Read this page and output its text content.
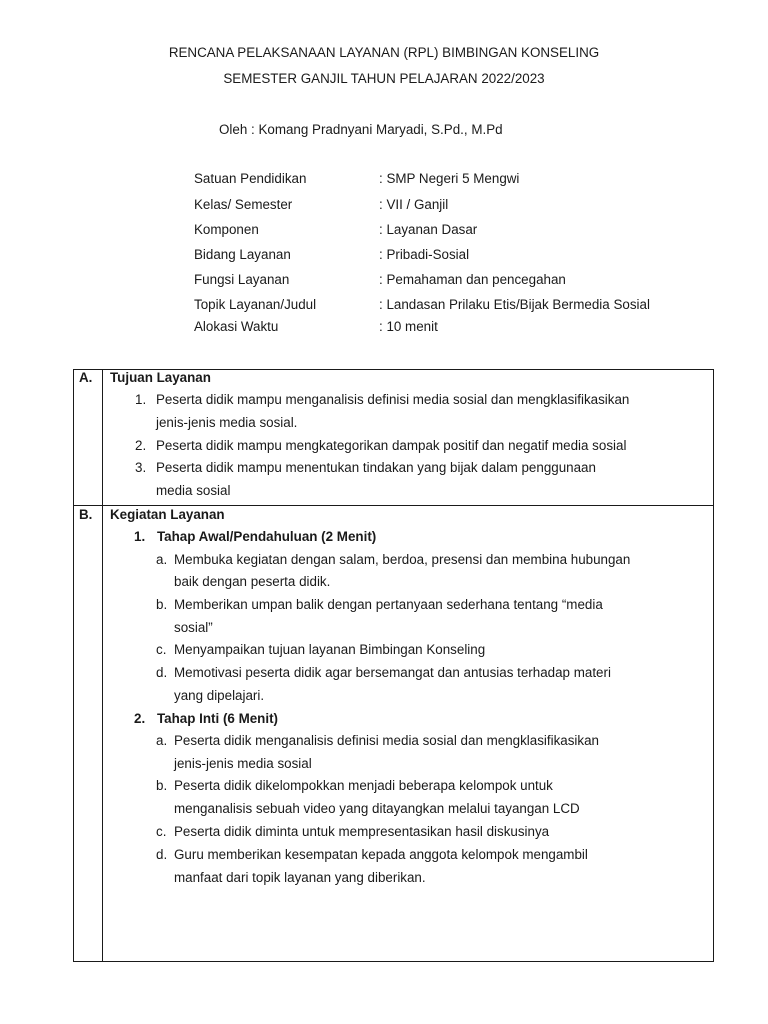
RENCANA PELAKSANAAN LAYANAN (RPL) BIMBINGAN KONSELING
SEMESTER GANJIL TAHUN PELAJARAN 2022/2023
Oleh : Komang Pradnyani Maryadi, S.Pd., M.Pd
Satuan Pendidikan	: SMP Negeri 5 Mengwi
Kelas/ Semester	: VII / Ganjil
Komponen	: Layanan Dasar
Bidang Layanan	: Pribadi-Sosial
Fungsi Layanan	: Pemahaman dan pencegahan
Topik Layanan/Judul	: Landasan Prilaku Etis/Bijak Bermedia Sosial
Alokasi Waktu	: 10 menit
A. Tujuan Layanan
1. Peserta didik mampu menganalisis definisi media sosial dan mengklasifikasikan
jenis-jenis media sosial.
2. Peserta didik mampu mengkategorikan dampak positif dan negatif media sosial
3. Peserta didik mampu menentukan tindakan yang bijak dalam penggunaan
media sosial
B. Kegiatan Layanan
1. Tahap Awal/Pendahuluan (2 Menit)
a. Membuka kegiatan dengan salam, berdoa, presensi dan membina hubungan
baik dengan peserta didik.
b. Memberikan umpan balik dengan pertanyaan sederhana tentang “media
sosial”
c. Menyampaikan tujuan layanan Bimbingan Konseling
d. Memotivasi peserta didik agar bersemangat dan antusias terhadap materi
yang dipelajari.
2. Tahap Inti (6 Menit)
a. Peserta didik menganalisis definisi media sosial dan mengklasifikasikan
jenis-jenis media sosial
b. Peserta didik dikelompokkan menjadi beberapa kelompok untuk
menganalisis sebuah video yang ditayangkan melalui tayangan LCD
c. Peserta didik diminta untuk mempresentasikan hasil diskusinya
d. Guru memberikan kesempatan kepada anggota kelompok mengambil
manfaat dari topik layanan yang diberikan.
